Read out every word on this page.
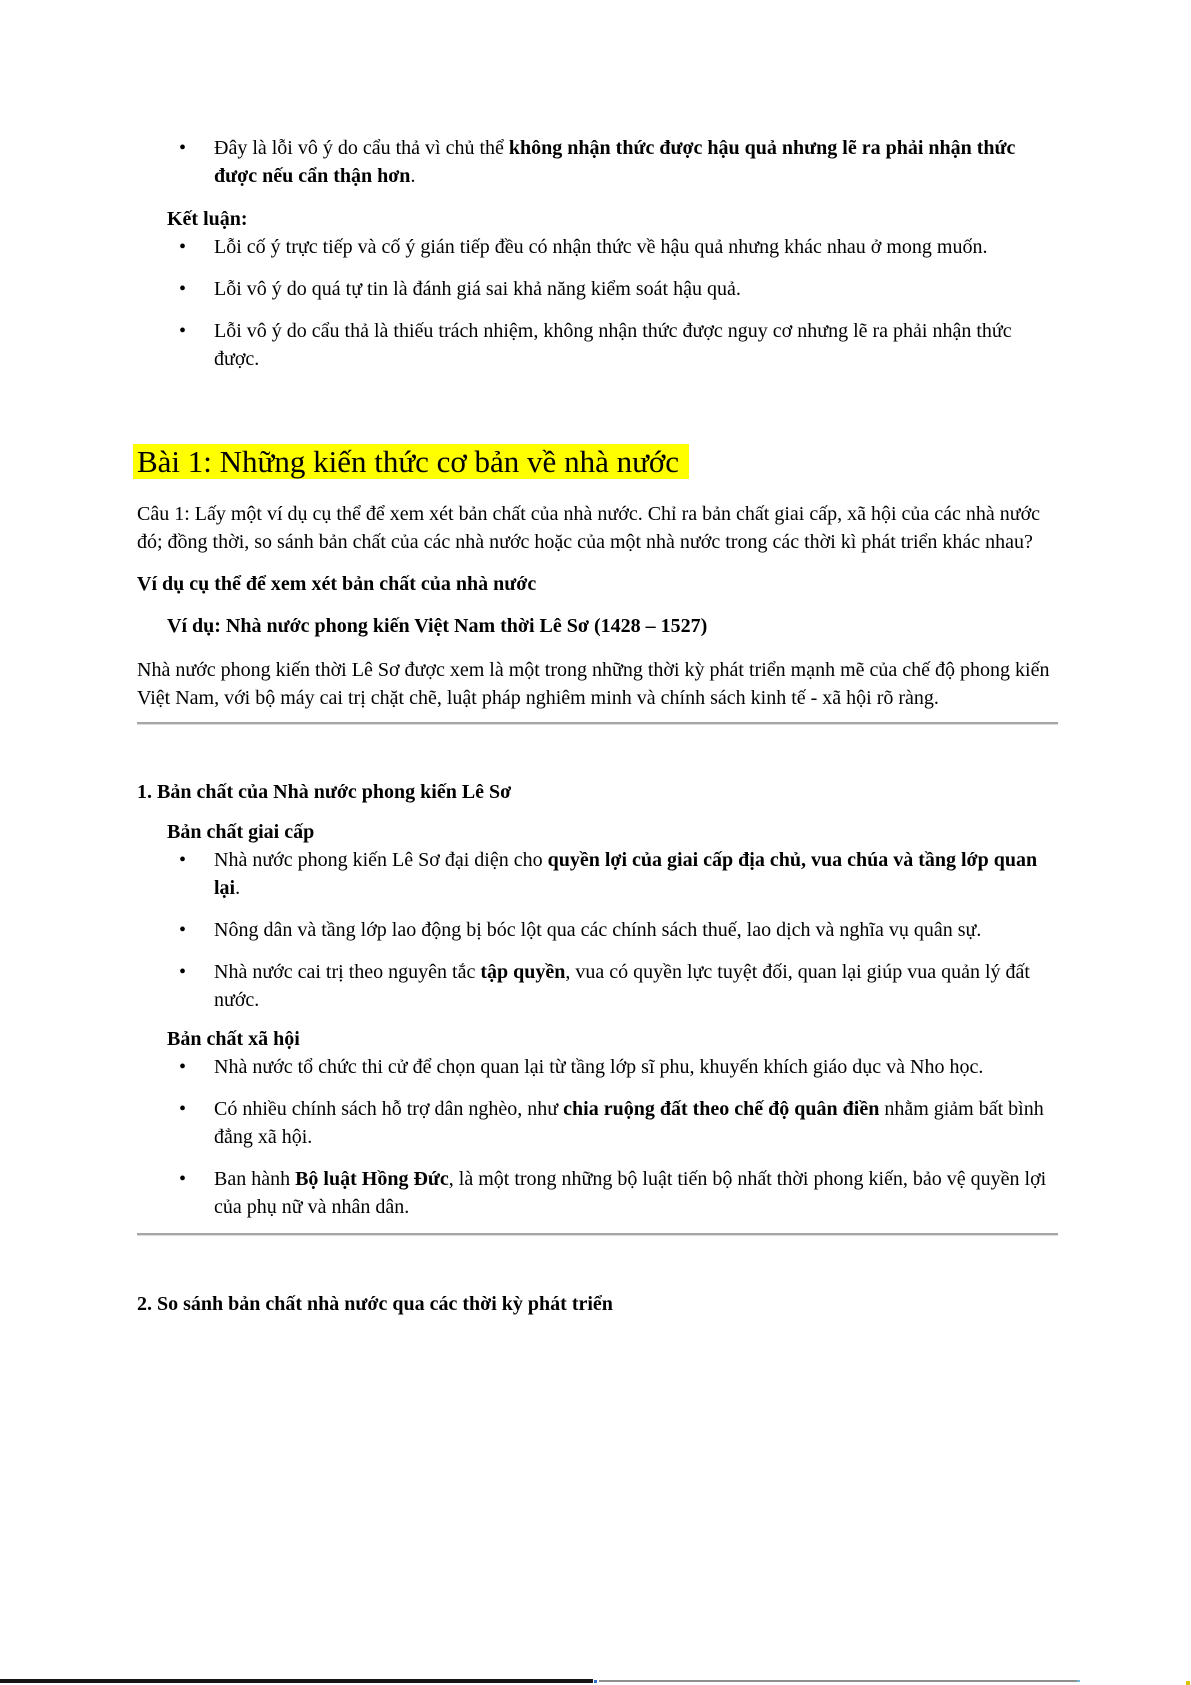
• Đây là lỗi vô ý do cẩu thả vì chủ thể không nhận thức được hậu quả nhưng lẽ ra phải nhận thức được nếu cẩn thận hơn.

Kết luận:

• Lỗi cố ý trực tiếp và cố ý gián tiếp đều có nhận thức về hậu quả nhưng khác nhau ở mong muốn.
• Lỗi vô ý do quá tự tin là đánh giá sai khả năng kiểm soát hậu quả.
• Lỗi vô ý do cẩu thả là thiếu trách nhiệm, không nhận thức được nguy cơ nhưng lẽ ra phải nhận thức được.
Bài 1: Những kiến thức cơ bản về nhà nước

Câu 1: Lấy một ví dụ cụ thể để xem xét bản chất của nhà nước. Chỉ ra bản chất giai cấp, xã hội của các nhà nước đó; đồng thời, so sánh bản chất của các nhà nước hoặc của một nhà nước trong các thời kì phát triển khác nhau?

Ví dụ cụ thể để xem xét bản chất của nhà nước

Ví dụ: Nhà nước phong kiến Việt Nam thời Lê Sơ (1428 – 1527)

Nhà nước phong kiến thời Lê Sơ được xem là một trong những thời kỳ phát triển mạnh mẽ của chế độ phong kiến Việt Nam, với bộ máy cai trị chặt chẽ, luật pháp nghiêm minh và chính sách kinh tế - xã hội rõ ràng.

1. Bản chất của Nhà nước phong kiến Lê Sơ

Bản chất giai cấp

• Nhà nước phong kiến Lê Sơ đại diện cho quyền lợi của giai cấp địa chủ, vua chúa và tầng lớp quan lại.
• Nông dân và tầng lớp lao động bị bóc lột qua các chính sách thuế, lao dịch và nghĩa vụ quân sự.
• Nhà nước cai trị theo nguyên tắc tập quyền, vua có quyền lực tuyệt đối, quan lại giúp vua quản lý đất nước.

Bản chất xã hội

• Nhà nước tổ chức thi cử để chọn quan lại từ tầng lớp sĩ phu, khuyến khích giáo dục và Nho học.
• Có nhiều chính sách hỗ trợ dân nghèo, như chia ruộng đất theo chế độ quân điền nhằm giảm bất bình đẳng xã hội.
• Ban hành Bộ luật Hồng Đức, là một trong những bộ luật tiến bộ nhất thời phong kiến, bảo vệ quyền lợi của phụ nữ và nhân dân.

2. So sánh bản chất nhà nước qua các thời kỳ phát triển
